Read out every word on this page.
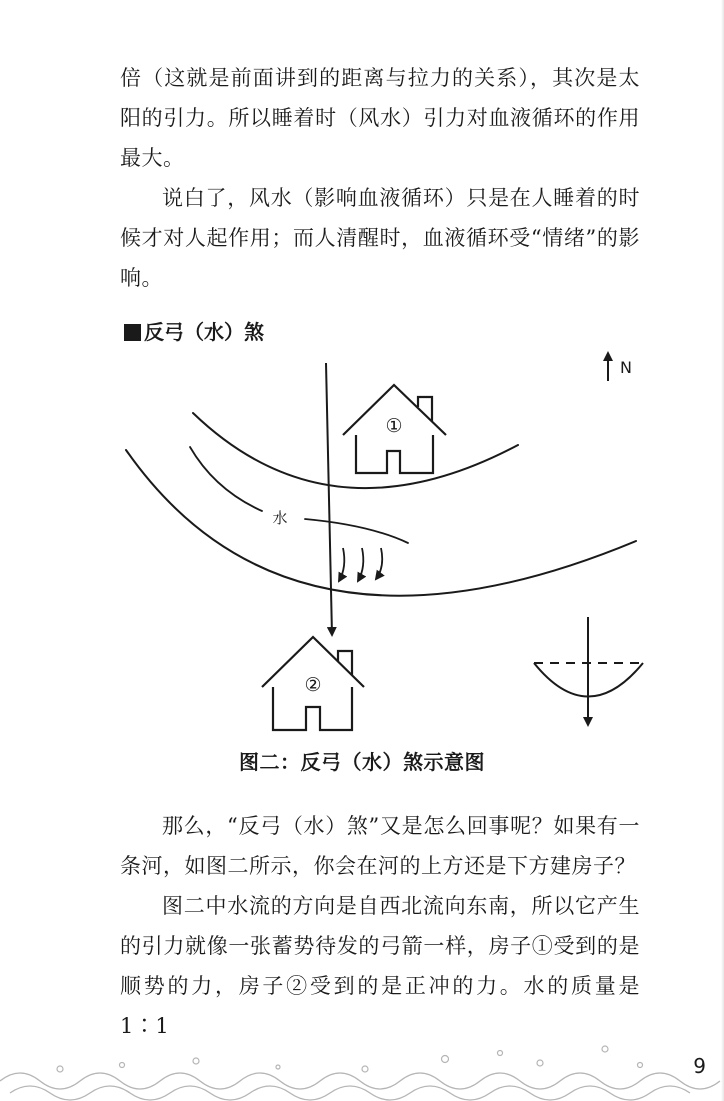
倍（这就是前面讲到的距离与拉力的关系），其次是太阳的引力。所以睡着时（风水）引力对血液循环的作用最大。

说白了，风水（影响血液循环）只是在人睡着的时候才对人起作用；而人清醒时，血液循环受“情绪”的影响。

反弓（水）煞
水
①
②
N
图二：反弓（水）煞示意图

那么，“反弓（水）煞”又是怎么回事呢？如果有一条河，如图二所示，你会在河的上方还是下方建房子？

图二中水流的方向是自西北流向东南，所以它产生的引力就像一张蓄势待发的弓箭一样，房子①受到的是顺势的力，房子②受到的是正冲的力。水的质量是1∶1

9
